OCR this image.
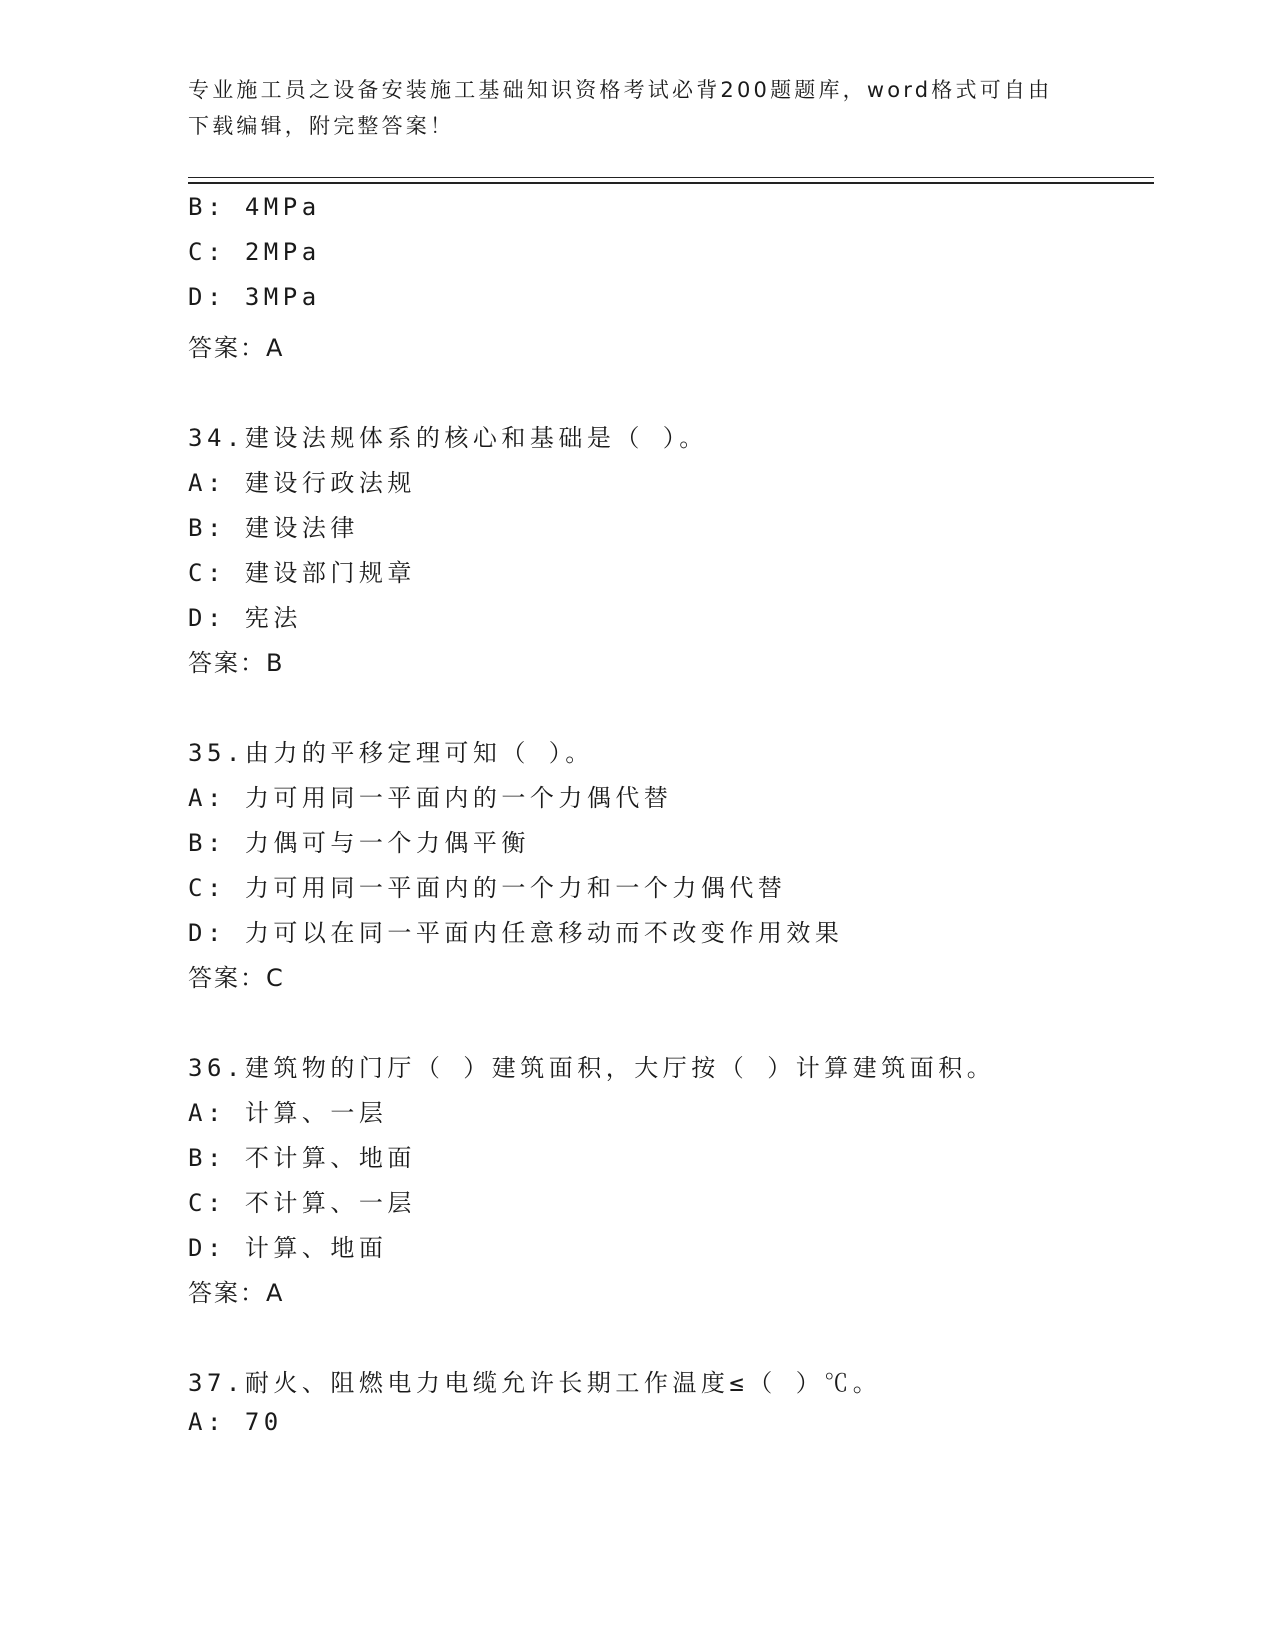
专业施工员之设备安装施工基础知识资格考试必背200题题库，word格式可自由
下载编辑，附完整答案！
B: 4MPa
C: 2MPa
D: 3MPa
答案：A
34.建设法规体系的核心和基础是（ ）。
A: 建设行政法规
B: 建设法律
C: 建设部门规章
D: 宪法
答案：B
35.由力的平移定理可知（ ）。
A: 力可用同一平面内的一个力偶代替
B: 力偶可与一个力偶平衡
C: 力可用同一平面内的一个力和一个力偶代替
D: 力可以在同一平面内任意移动而不改变作用效果
答案：C
36.建筑物的门厅（ ）建筑面积，大厅按（ ）计算建筑面积。
A: 计算、一层
B: 不计算、地面
C: 不计算、一层
D: 计算、地面
答案：A
37.耐火、阻燃电力电缆允许长期工作温度≤（ ）℃。
A: 70
